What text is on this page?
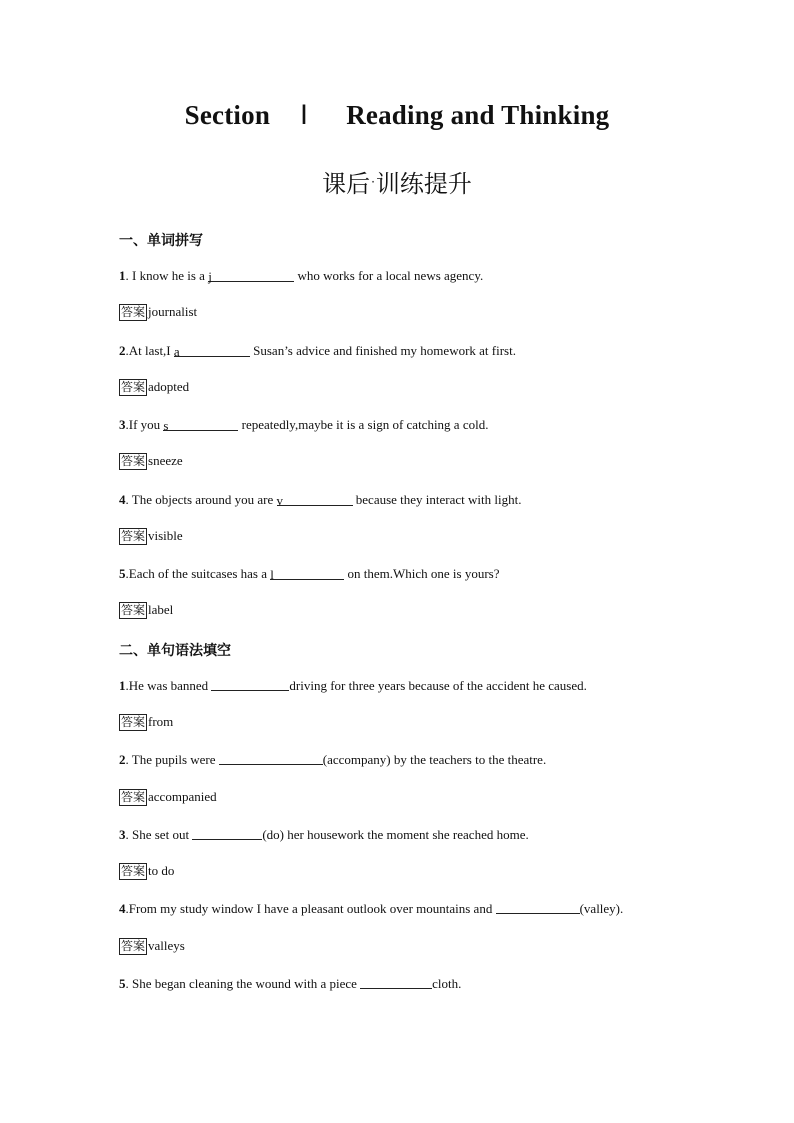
Section Ⅰ Reading and Thinking
课后·训练提升
一、单词拼写
1. I know he is a j	who works for a local news agency.
答案 journalist
2.At last,I a	Susan’s advice and finished my homework at first.
答案 adopted
3.If you s	repeatedly,maybe it is a sign of catching a cold.
答案 sneeze
4. The objects around you are v	because they interact with light.
答案 visible
5.Each of the suitcases has a l	on them.Which one is yours?
答案 label
二、单句语法填空
1.He was banned	driving for three years because of the accident he caused.
答案 from
2. The pupils were	(accompany) by the teachers to the theatre.
答案 accompanied
3. She set out	(do) her housework the moment she reached home.
答案 to do
4.From my study window I have a pleasant outlook over mountains and	(valley).
答案 valleys
5. She began cleaning the wound with a piece	cloth.
